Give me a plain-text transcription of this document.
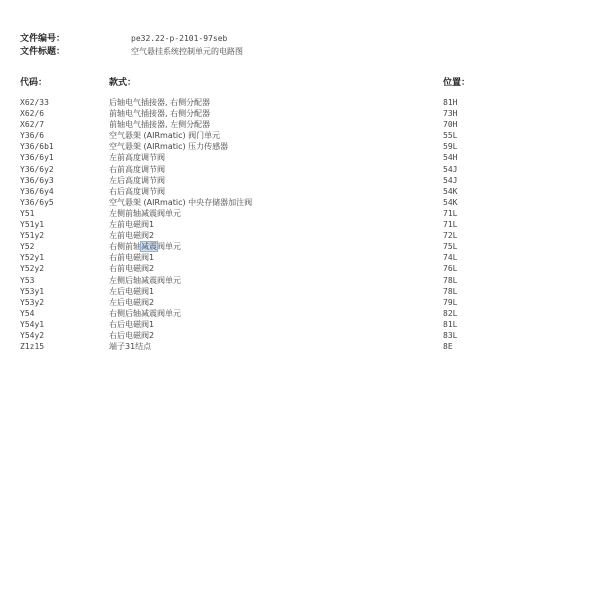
文件编号：	pe32.22-p-2101-97seb
文件标题：	空气悬挂系统控制单元的电路图
代码：	款式：	位置：
X62/33	后轴电气插接器, 右侧分配器	81H
X62/6	前轴电气插接器, 右侧分配器	73H
X62/7	前轴电气插接器, 左侧分配器	70H
Y36/6	空气悬架 (AIRmatic) 阀门单元	55L
Y36/6b1	空气悬架 (AIRmatic) 压力传感器	59L
Y36/6y1	左前高度调节阀	54H
Y36/6y2	右前高度调节阀	54J
Y36/6y3	左后高度调节阀	54J
Y36/6y4	右后高度调节阀	54K
Y36/6y5	空气悬架 (AIRmatic) 中央存储器加注阀	54K
Y51	左侧前轴减震阀单元	71L
Y51y1	左前电磁阀1	71L
Y51y2	左前电磁阀2	72L
Y52	右侧前轴减震阀单元	75L
Y52y1	右前电磁阀1	74L
Y52y2	右前电磁阀2	76L
Y53	左侧后轴减震阀单元	78L
Y53y1	左后电磁阀1	78L
Y53y2	左后电磁阀2	79L
Y54	右侧后轴减震阀单元	82L
Y54y1	右后电磁阀1	81L
Y54y2	右后电磁阀2	83L
Z1z15	端子31结点	8E
